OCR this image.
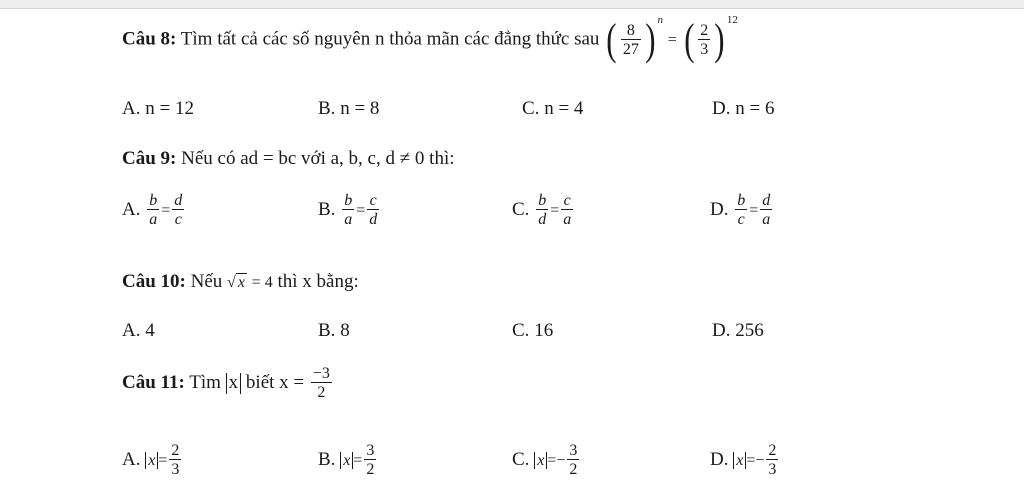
Câu 8: Tìm tất cả các số nguyên n thỏa mãn các đẳng thức sau ( $\frac{8}{27}$ ) $^n$ = ( $\frac{2}{3}$ ) $^{12}$
A. n = 12	B. n = 8	C. n = 4	D. n = 6
Câu 9: Nếu có ad = bc với a, b, c, d ≠ 0 thì:
A. $\frac{b}{a} = \frac{d}{c}$	B. $\frac{b}{a} = \frac{c}{d}$	C. $\frac{b}{d} = \frac{c}{a}$	D. $\frac{b}{c} = \frac{d}{a}$
Câu 10: Nếu √ x = 4 thì x bằng:
A. 4	B. 8	C. 16	D. 256
Câu 11: Tìm x biết $x = \frac{-3}{2}$
A. $x = \frac{2}{3}$	B. $x = \frac{3}{2}$	C. $x =- \frac{3}{2}$	D. $x =- \frac{2}{3}$
